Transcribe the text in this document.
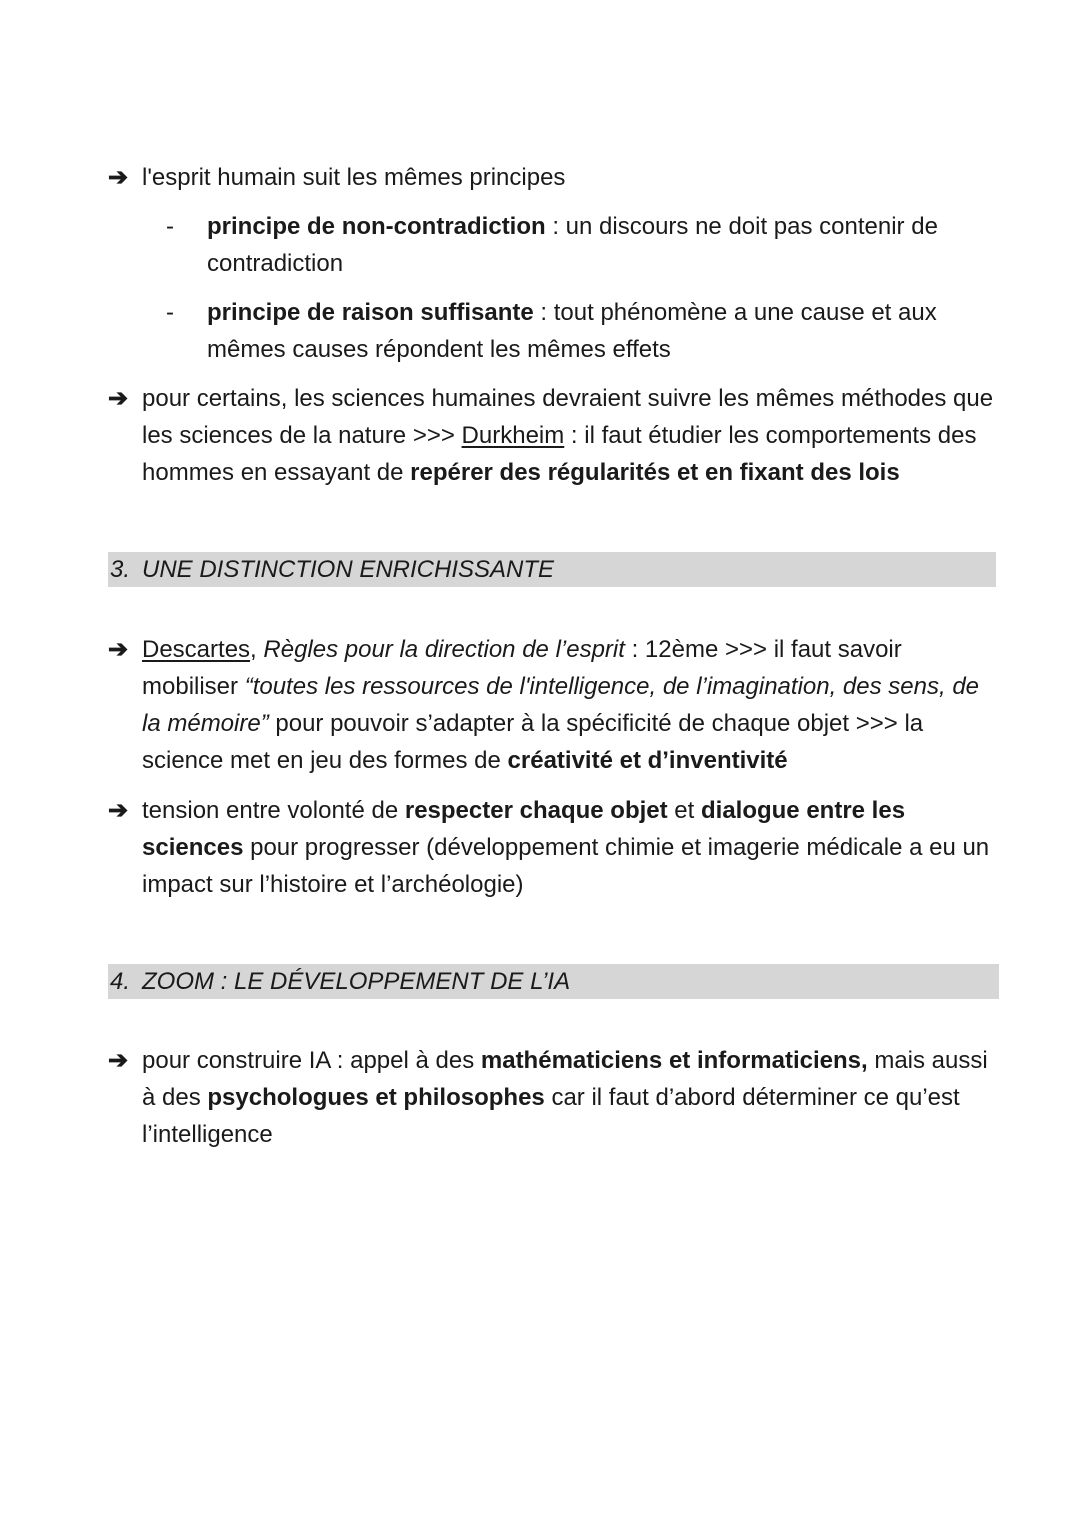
➔ l'esprit humain suit les mêmes principes
-	principe de non-contradiction : un discours ne doit pas contenir de contradiction
-	principe de raison suffisante : tout phénomène a une cause et aux mêmes causes répondent les mêmes effets
➔ pour certains, les sciences humaines devraient suivre les mêmes méthodes que les sciences de la nature >>> Durkheim : il faut étudier les comportements des hommes en essayant de repérer des régularités et en fixant des lois
3. UNE DISTINCTION ENRICHISSANTE
➔ Descartes, Règles pour la direction de l’esprit : 12ème >>> il faut savoir mobiliser “toutes les ressources de l'intelligence, de l’imagination, des sens, de la mémoire” pour pouvoir s’adapter à la spécificité de chaque objet >>> la science met en jeu des formes de créativité et d’inventivité
➔ tension entre volonté de respecter chaque objet et dialogue entre les sciences pour progresser (développement chimie et imagerie médicale a eu un impact sur l’histoire et l’archéologie)
4. ZOOM : LE DÉVELOPPEMENT DE L’IA
➔ pour construire IA : appel à des mathématiciens et informaticiens, mais aussi à des psychologues et philosophes car il faut d’abord déterminer ce qu’est l’intelligence
